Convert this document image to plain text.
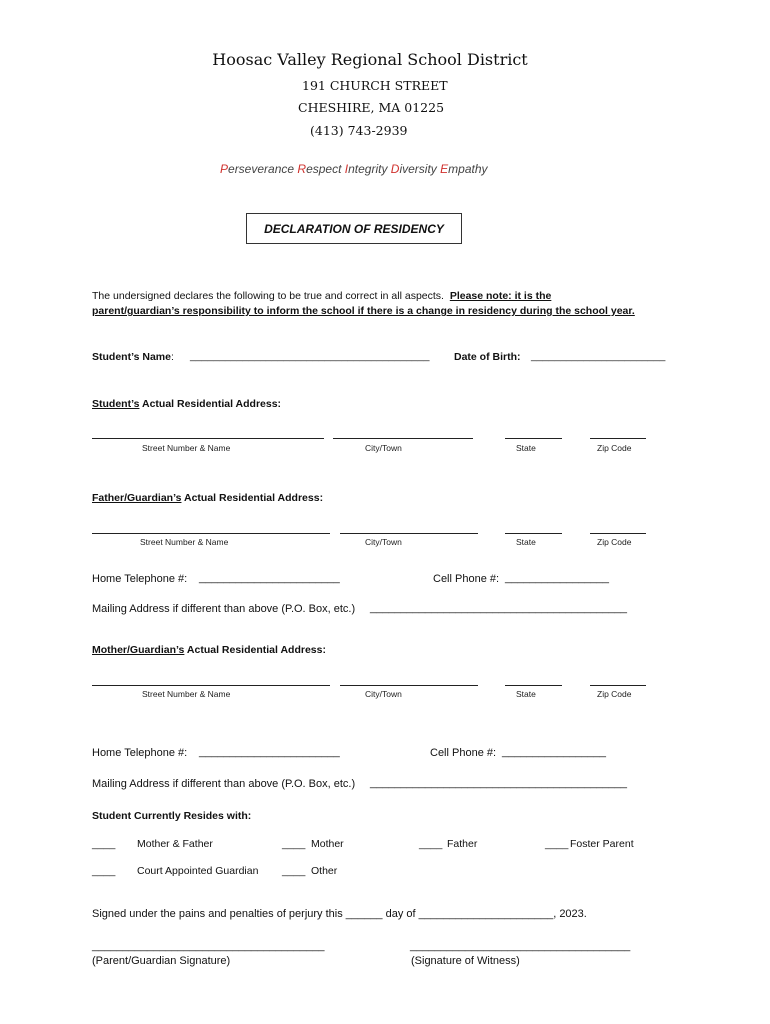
Hoosac Valley Regional School District
191 CHURCH STREET
CHESHIRE, MA 01225
(413) 743-2939
Perseverance Respect Integrity Diversity Empathy
DECLARATION OF RESIDENCY
The undersigned declares the following to be true and correct in all aspects. Please note: it is the
parent/guardian’s responsibility to inform the school if there is a change in residency during the school year.
Student’s Name: _________________________________________ Date of Birth: _______________________
Student’s Actual Residential Address:
Street Number & Name	City/Town	State	Zip Code
Father/Guardian’s Actual Residential Address:
Street Number & Name	City/Town	State	Zip Code
Home Telephone #: _______________________	Cell Phone #: _________________
Mailing Address if different than above (P.O. Box, etc.) __________________________________________
Mother/Guardian’s Actual Residential Address:
Street Number & Name	City/Town	State	Zip Code
Home Telephone #: _______________________	Cell Phone #: _________________
Mailing Address if different than above (P.O. Box, etc.) __________________________________________
Student Currently Resides with:
____ Mother & Father	____ Mother	____ Father	____ Foster Parent
____ Court Appointed Guardian ____ Other
Signed under the pains and penalties of perjury this ______ day of ______________________, 2023.
______________________________________	____________________________________
(Parent/Guardian Signature)	(Signature of Witness)
